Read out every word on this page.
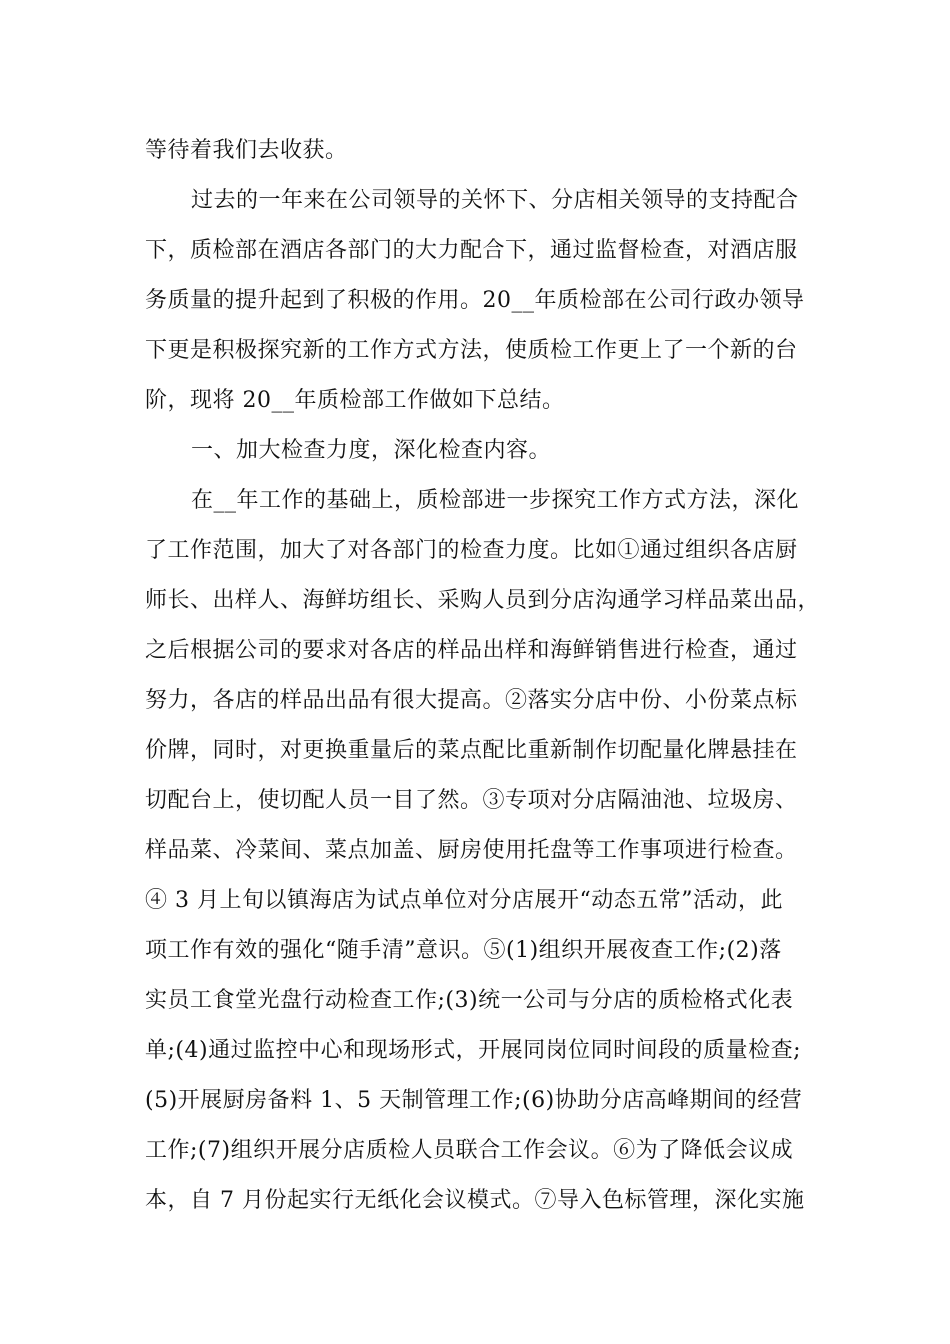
等待着我们去收获。
过去的一年来在公司领导的关怀下、分店相关领导的支持配合
下，质检部在酒店各部门的大力配合下，通过监督检查，对酒店服
务质量的提升起到了积极的作用。20__年质检部在公司行政办领导
下更是积极探究新的工作方式方法，使质检工作更上了一个新的台
阶，现将 20__年质检部工作做如下总结。
一、加大检查力度，深化检查内容。
在__年工作的基础上，质检部进一步探究工作方式方法，深化
了工作范围，加大了对各部门的检查力度。比如①通过组织各店厨
师长、出样人、海鲜坊组长、采购人员到分店沟通学习样品菜出品，
之后根据公司的要求对各店的样品出样和海鲜销售进行检查，通过
努力，各店的样品出品有很大提高。②落实分店中份、小份菜点标
价牌，同时，对更换重量后的菜点配比重新制作切配量化牌悬挂在
切配台上，使切配人员一目了然。③专项对分店隔油池、垃圾房、
样品菜、冷菜间、菜点加盖、厨房使用托盘等工作事项进行检查。
④ 3 月上旬以镇海店为试点单位对分店展开“动态五常”活动，此
项工作有效的强化“随手清”意识。⑤(1)组织开展夜查工作;(2)落
实员工食堂光盘行动检查工作;(3)统一公司与分店的质检格式化表
单;(4)通过监控中心和现场形式，开展同岗位同时间段的质量检查;
(5)开展厨房备料 1、5 天制管理工作;(6)协助分店高峰期间的经营
工作;(7)组织开展分店质检人员联合工作会议。⑥为了降低会议成
本，自 7 月份起实行无纸化会议模式。⑦导入色标管理，深化实施
